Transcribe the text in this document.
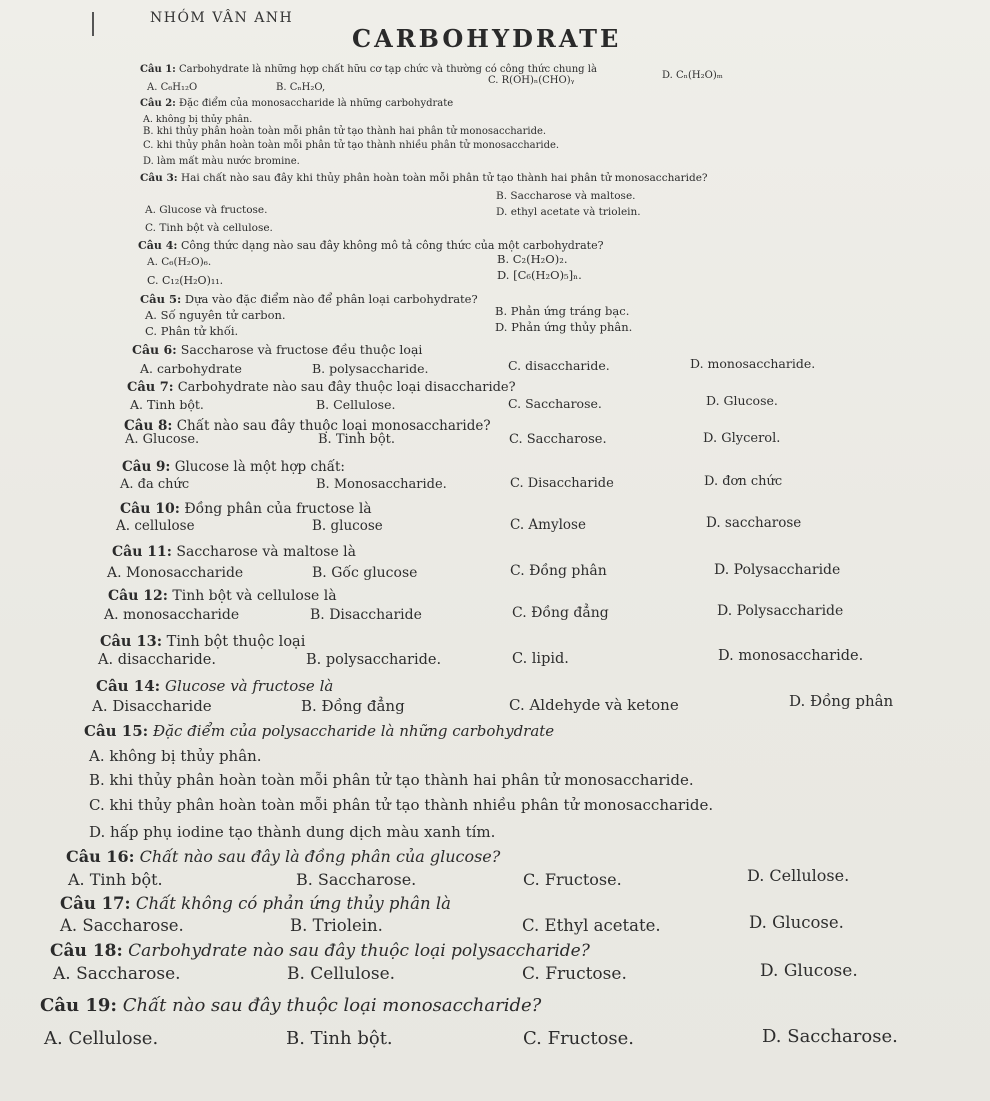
NHÓM VÂN ANH
CARBOHYDRATE
Câu 1: Carbohydrate là những hợp chất hữu cơ tạp chức và thường có công thức chung là
A. C₆H₁₂O	B. CₙH₂O,
C. R(OH)ₙ(CHO)ᵧ	D. Cₙ(H₂O)ₘ
Câu 2: Đặc điểm của monosaccharide là những carbohydrate
A. không bị thủy phân.
B. khi thủy phân hoàn toàn mỗi phân tử tạo thành hai phân tử monosaccharide.
C. khi thủy phân hoàn toàn mỗi phân tử tạo thành nhiều phân tử monosaccharide.
D. làm mất màu nước bromine.
Câu 3: Hai chất nào sau đây khi thủy phân hoàn toàn mỗi phân tử tạo thành hai phân tử monosaccharide?
A. Glucose và fructose.
B. Saccharose và maltose.
C. Tinh bột và cellulose.
D. ethyl acetate và triolein.
Câu 4: Công thức dạng nào sau đây không mô tả công thức của một carbohydrate?
A. C₆(H₂O)₆.	B. C₂(H₂O)₂.
C. C₁₂(H₂O)₁₁.	D. [C₆(H₂O)₅]ₙ.
Câu 5: Dựa vào đặc điểm nào để phân loại carbohydrate?
A. Số nguyên tử carbon.	B. Phản ứng tráng bạc.
C. Phân tử khối.	D. Phản ứng thủy phân.
Câu 6: Saccharose và fructose đều thuộc loại
A. carbohydrate	B. polysaccharide.	C. disaccharide.	D. monosaccharide.
Câu 7: Carbohydrate nào sau đây thuộc loại disaccharide?
A. Tinh bột.	B. Cellulose.	C. Saccharose.	D. Glucose.
Câu 8: Chất nào sau đây thuộc loại monosaccharide?
A. Glucose.	B. Tinh bột.	C. Saccharose.	D. Glycerol.
Câu 9: Glucose là một hợp chất:
A. đa chức	B. Monosaccharide.	C. Disaccharide	D. đơn chức
Câu 10: Đồng phân của fructose là
A. cellulose	B. glucose	C. Amylose	D. saccharose
Câu 11: Saccharose và maltose là
A. Monosaccharide	B. Gốc glucose	C. Đồng phân	D. Polysaccharide
Câu 12: Tinh bột và cellulose là
A. monosaccharide	B. Disaccharide	C. Đồng đẳng	D. Polysaccharide
Câu 13: Tinh bột thuộc loại
A. disaccharide.	B. polysaccharide.	C. lipid.	D. monosaccharide.
Câu 14: Glucose và fructose là
A. Disaccharide	B. Đồng đẳng	C. Aldehyde và ketone	D. Đồng phân
Câu 15: Đặc điểm của polysaccharide là những carbohydrate
A. không bị thủy phân.
B. khi thủy phân hoàn toàn mỗi phân tử tạo thành hai phân tử monosaccharide.
C. khi thủy phân hoàn toàn mỗi phân tử tạo thành nhiều phân tử monosaccharide.
D. hấp phụ iodine tạo thành dung dịch màu xanh tím.
Câu 16: Chất nào sau đây là đồng phân của glucose?
A. Tinh bột.	B. Saccharose.	C. Fructose.	D. Cellulose.
Câu 17: Chất không có phản ứng thủy phân là
A. Saccharose.	B. Triolein.	C. Ethyl acetate.	D. Glucose.
Câu 18: Carbohydrate nào sau đây thuộc loại polysaccharide?
A. Saccharose.	B. Cellulose.	C. Fructose.	D. Glucose.
Câu 19: Chất nào sau đây thuộc loại monosaccharide?
A. Cellulose.	B. Tinh bột.	C. Fructose.	D. Saccharose.
